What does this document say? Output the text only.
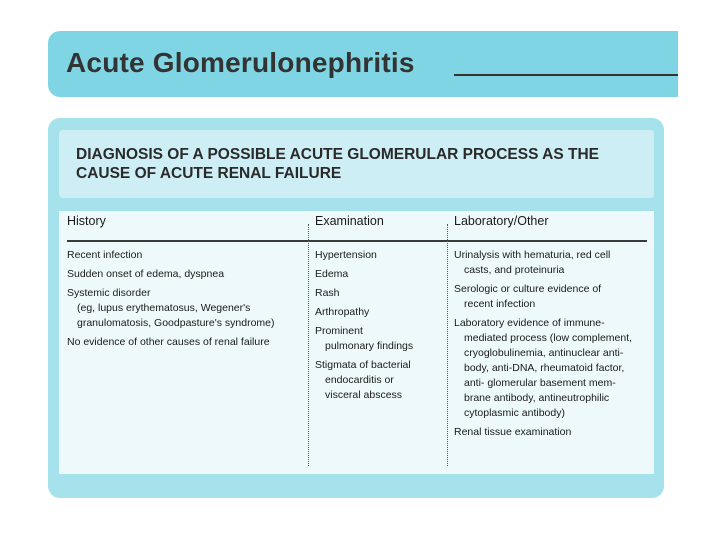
Acute Glomerulonephritis
DIAGNOSIS OF A POSSIBLE ACUTE GLOMERULAR PROCESS AS THE CAUSE OF ACUTE RENAL FAILURE
History
Recent infection
Sudden onset of edema, dyspnea
Systemic disorder
(eg, lupus erythematosus, Wegener's
granulomatosis, Goodpasture's syndrome)
No evidence of other causes of renal failure
Examination
Hypertension
Edema
Rash
Arthropathy
Prominent
pulmonary findings
Stigmata of bacterial
endocarditis or
visceral abscess
Laboratory/Other
Urinalysis with hematuria, red cell
casts, and proteinuria
Serologic or culture evidence of
recent infection
Laboratory evidence of immune-
mediated process (low complement,
cryoglobulinemia, antinuclear anti-
body, anti-DNA, rheumatoid factor,
anti- glomerular basement mem-
brane antibody, antineutrophilic
cytoplasmic antibody)
Renal tissue examination
